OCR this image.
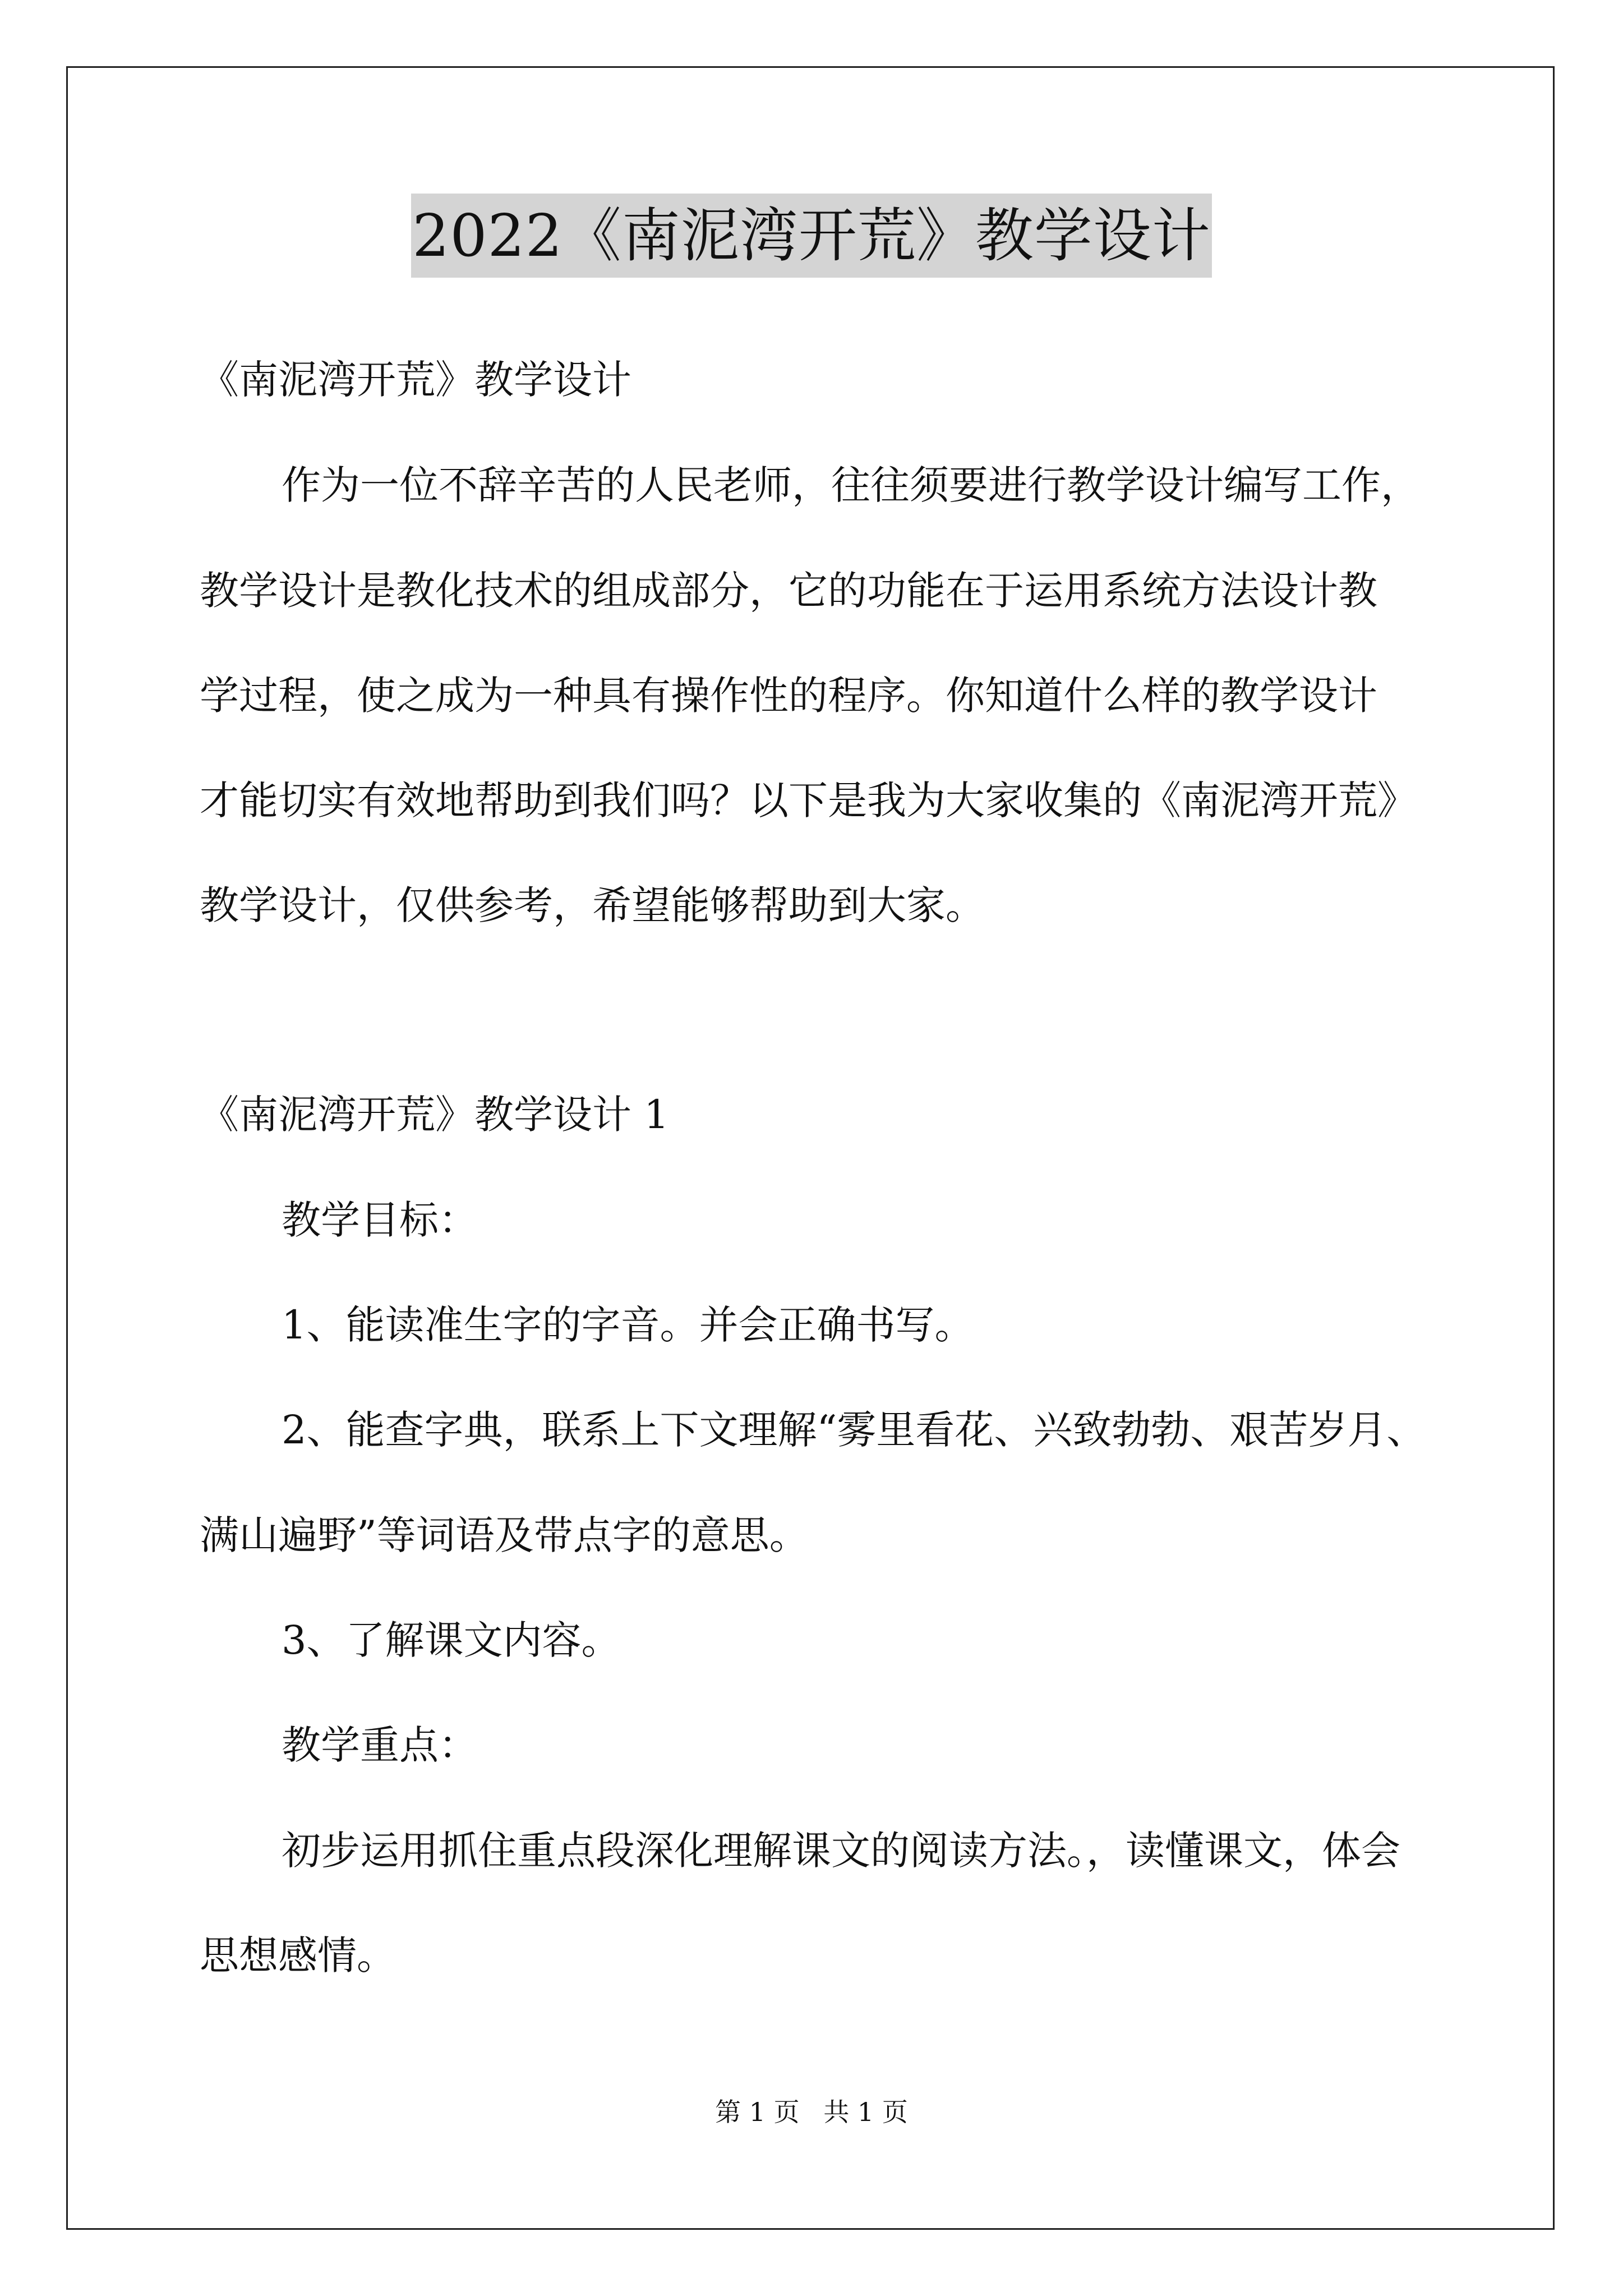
2022《南泥湾开荒》教学设计
《南泥湾开荒》教学设计
作为一位不辞辛苦的人民老师，往往须要进行教学设计编写工作，
教学设计是教化技术的组成部分，它的功能在于运用系统方法设计教
学过程，使之成为一种具有操作性的程序。你知道什么样的教学设计
才能切实有效地帮助到我们吗？以下是我为大家收集的《南泥湾开荒》
教学设计，仅供参考，希望能够帮助到大家。
《南泥湾开荒》教学设计 1
教学目标：
1、能读准生字的字音。并会正确书写。
2、能查字典，联系上下文理解“雾里看花、兴致勃勃、艰苦岁月、
满山遍野”等词语及带点字的意思。
3、了解课文内容。
教学重点：
初步运用抓住重点段深化理解课文的阅读方法。，读懂课文，体会
思想感情。
第 1 页 共 1 页
